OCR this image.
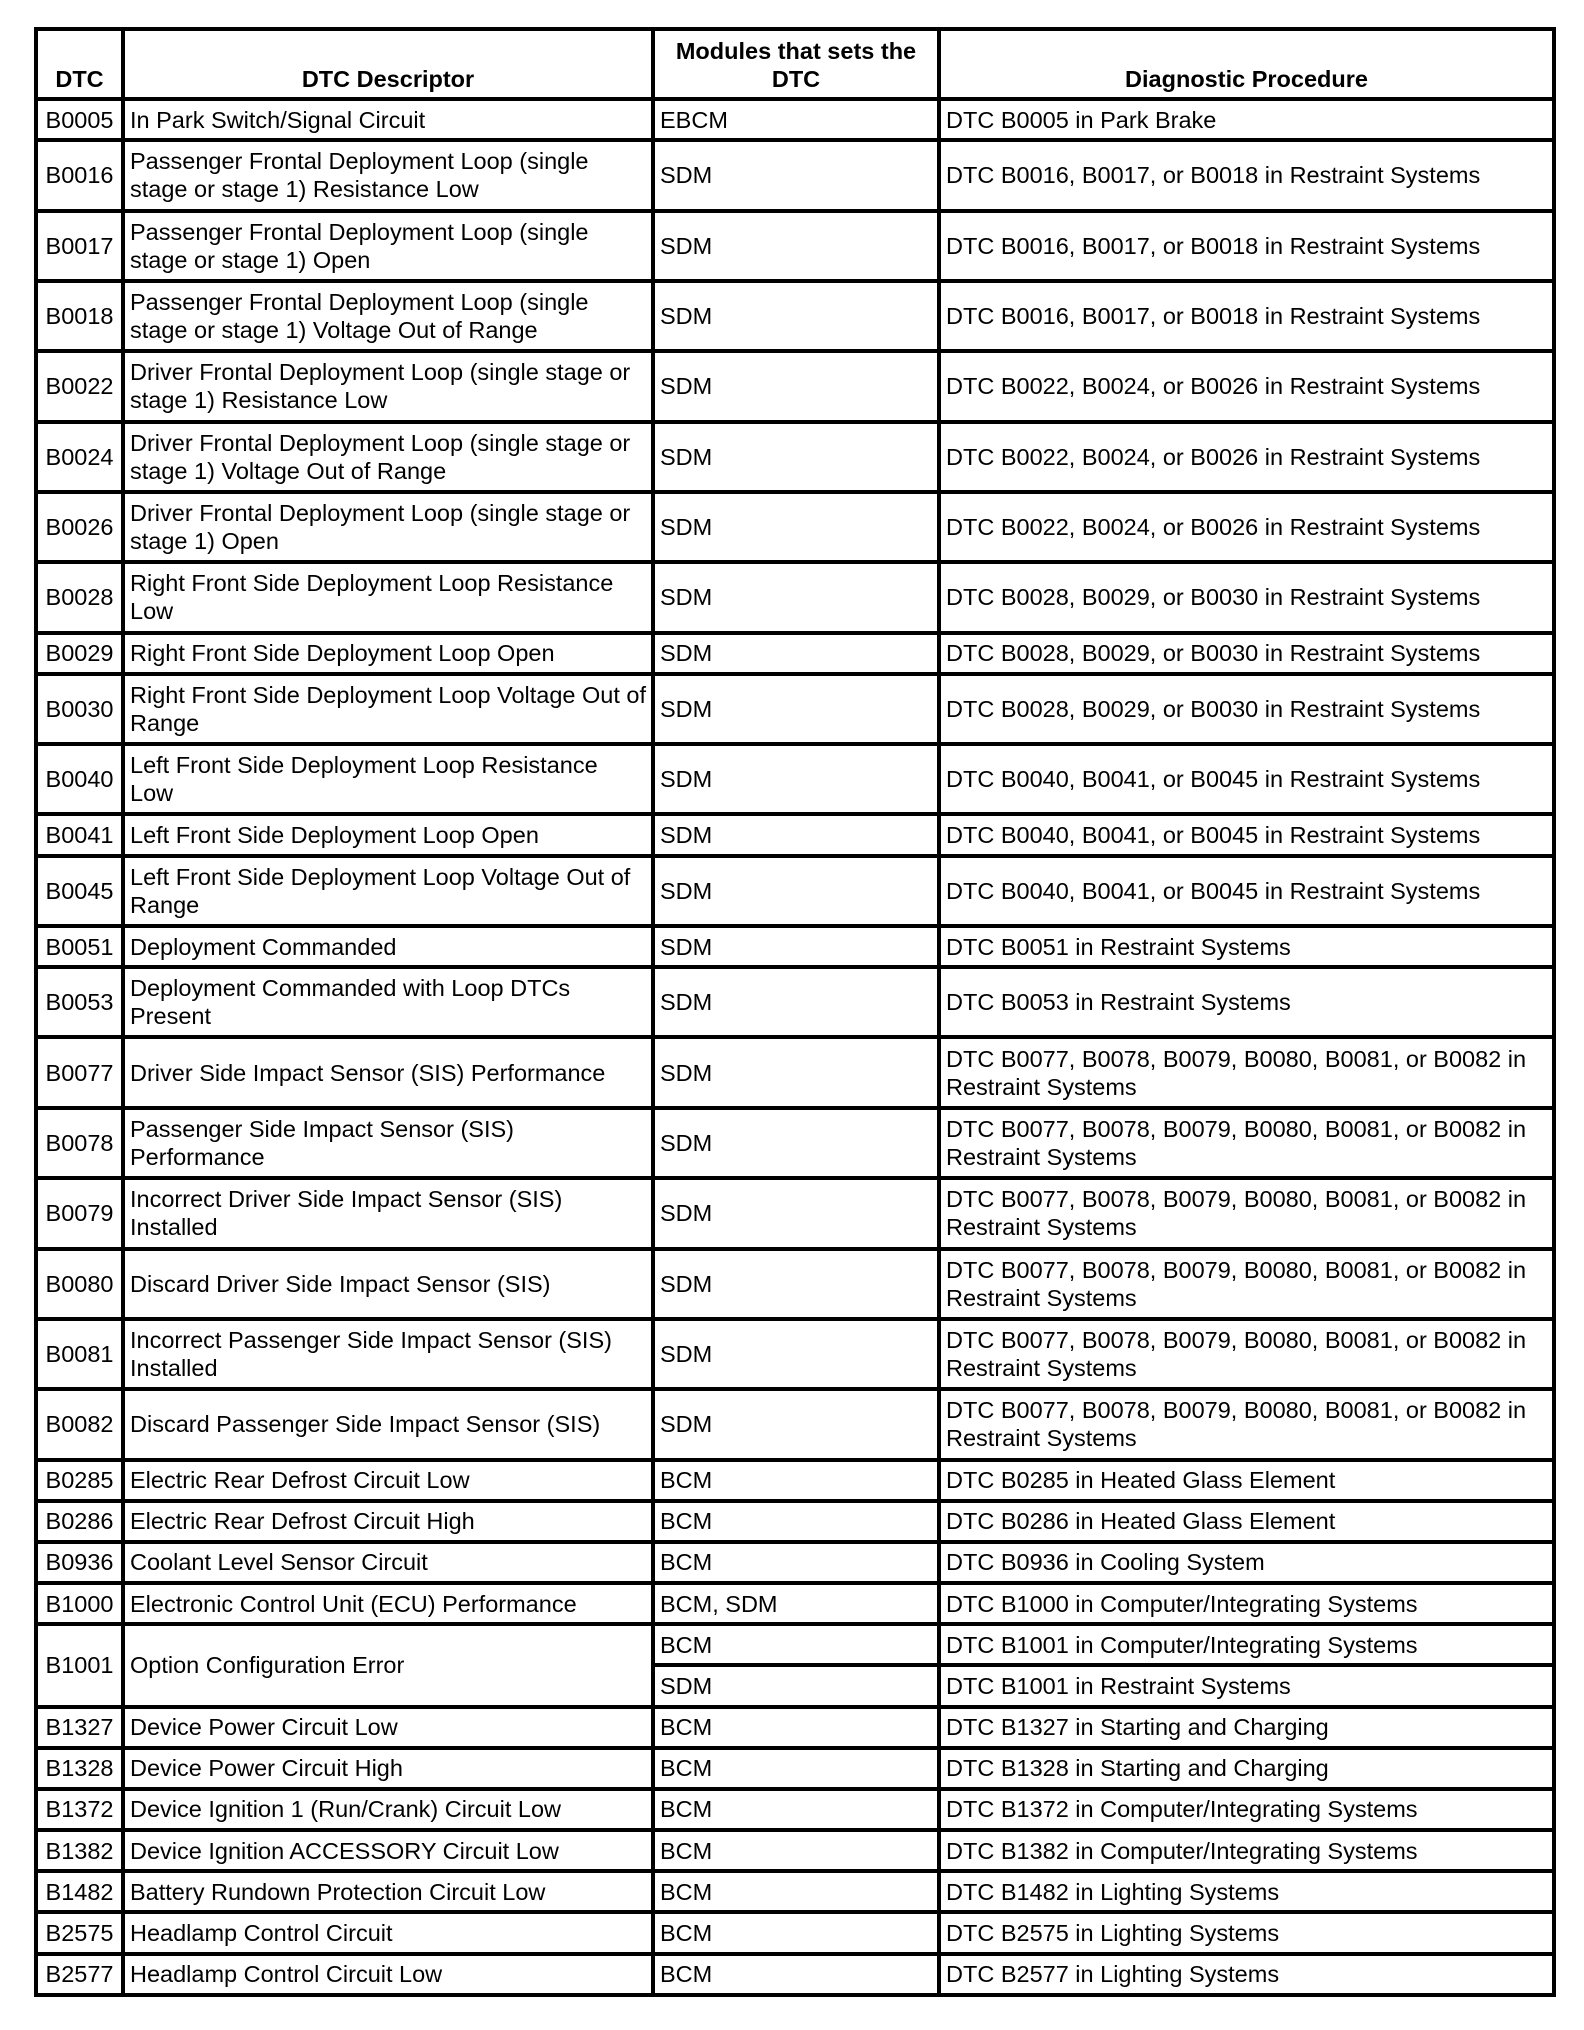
DTC	DTC Descriptor	Modules that sets the DTC	Diagnostic Procedure
B0005	In Park Switch/Signal Circuit	EBCM	DTC B0005 in Park Brake
B0016	Passenger Frontal Deployment Loop (single stage or stage 1) Resistance Low	SDM	DTC B0016, B0017, or B0018 in Restraint Systems
B0017	Passenger Frontal Deployment Loop (single stage or stage 1) Open	SDM	DTC B0016, B0017, or B0018 in Restraint Systems
B0018	Passenger Frontal Deployment Loop (single stage or stage 1) Voltage Out of Range	SDM	DTC B0016, B0017, or B0018 in Restraint Systems
B0022	Driver Frontal Deployment Loop (single stage or stage 1) Resistance Low	SDM	DTC B0022, B0024, or B0026 in Restraint Systems
B0024	Driver Frontal Deployment Loop (single stage or stage 1) Voltage Out of Range	SDM	DTC B0022, B0024, or B0026 in Restraint Systems
B0026	Driver Frontal Deployment Loop (single stage or stage 1) Open	SDM	DTC B0022, B0024, or B0026 in Restraint Systems
B0028	Right Front Side Deployment Loop Resistance Low	SDM	DTC B0028, B0029, or B0030 in Restraint Systems
B0029	Right Front Side Deployment Loop Open	SDM	DTC B0028, B0029, or B0030 in Restraint Systems
B0030	Right Front Side Deployment Loop Voltage Out of Range	SDM	DTC B0028, B0029, or B0030 in Restraint Systems
B0040	Left Front Side Deployment Loop Resistance Low	SDM	DTC B0040, B0041, or B0045 in Restraint Systems
B0041	Left Front Side Deployment Loop Open	SDM	DTC B0040, B0041, or B0045 in Restraint Systems
B0045	Left Front Side Deployment Loop Voltage Out of Range	SDM	DTC B0040, B0041, or B0045 in Restraint Systems
B0051	Deployment Commanded	SDM	DTC B0051 in Restraint Systems
B0053	Deployment Commanded with Loop DTCs Present	SDM	DTC B0053 in Restraint Systems
B0077	Driver Side Impact Sensor (SIS) Performance	SDM	DTC B0077, B0078, B0079, B0080, B0081, or B0082 in Restraint Systems
B0078	Passenger Side Impact Sensor (SIS) Performance	SDM	DTC B0077, B0078, B0079, B0080, B0081, or B0082 in Restraint Systems
B0079	Incorrect Driver Side Impact Sensor (SIS) Installed	SDM	DTC B0077, B0078, B0079, B0080, B0081, or B0082 in Restraint Systems
B0080	Discard Driver Side Impact Sensor (SIS)	SDM	DTC B0077, B0078, B0079, B0080, B0081, or B0082 in Restraint Systems
B0081	Incorrect Passenger Side Impact Sensor (SIS) Installed	SDM	DTC B0077, B0078, B0079, B0080, B0081, or B0082 in Restraint Systems
B0082	Discard Passenger Side Impact Sensor (SIS)	SDM	DTC B0077, B0078, B0079, B0080, B0081, or B0082 in Restraint Systems
B0285	Electric Rear Defrost Circuit Low	BCM	DTC B0285 in Heated Glass Element
B0286	Electric Rear Defrost Circuit High	BCM	DTC B0286 in Heated Glass Element
B0936	Coolant Level Sensor Circuit	BCM	DTC B0936 in Cooling System
B1000	Electronic Control Unit (ECU) Performance	BCM, SDM	DTC B1000 in Computer/Integrating Systems
B1001	Option Configuration Error	BCM	DTC B1001 in Computer/Integrating Systems
		SDM	DTC B1001 in Restraint Systems
B1327	Device Power Circuit Low	BCM	DTC B1327 in Starting and Charging
B1328	Device Power Circuit High	BCM	DTC B1328 in Starting and Charging
B1372	Device Ignition 1 (Run/Crank) Circuit Low	BCM	DTC B1372 in Computer/Integrating Systems
B1382	Device Ignition ACCESSORY Circuit Low	BCM	DTC B1382 in Computer/Integrating Systems
B1482	Battery Rundown Protection Circuit Low	BCM	DTC B1482 in Lighting Systems
B2575	Headlamp Control Circuit	BCM	DTC B2575 in Lighting Systems
B2577	Headlamp Control Circuit Low	BCM	DTC B2577 in Lighting Systems
